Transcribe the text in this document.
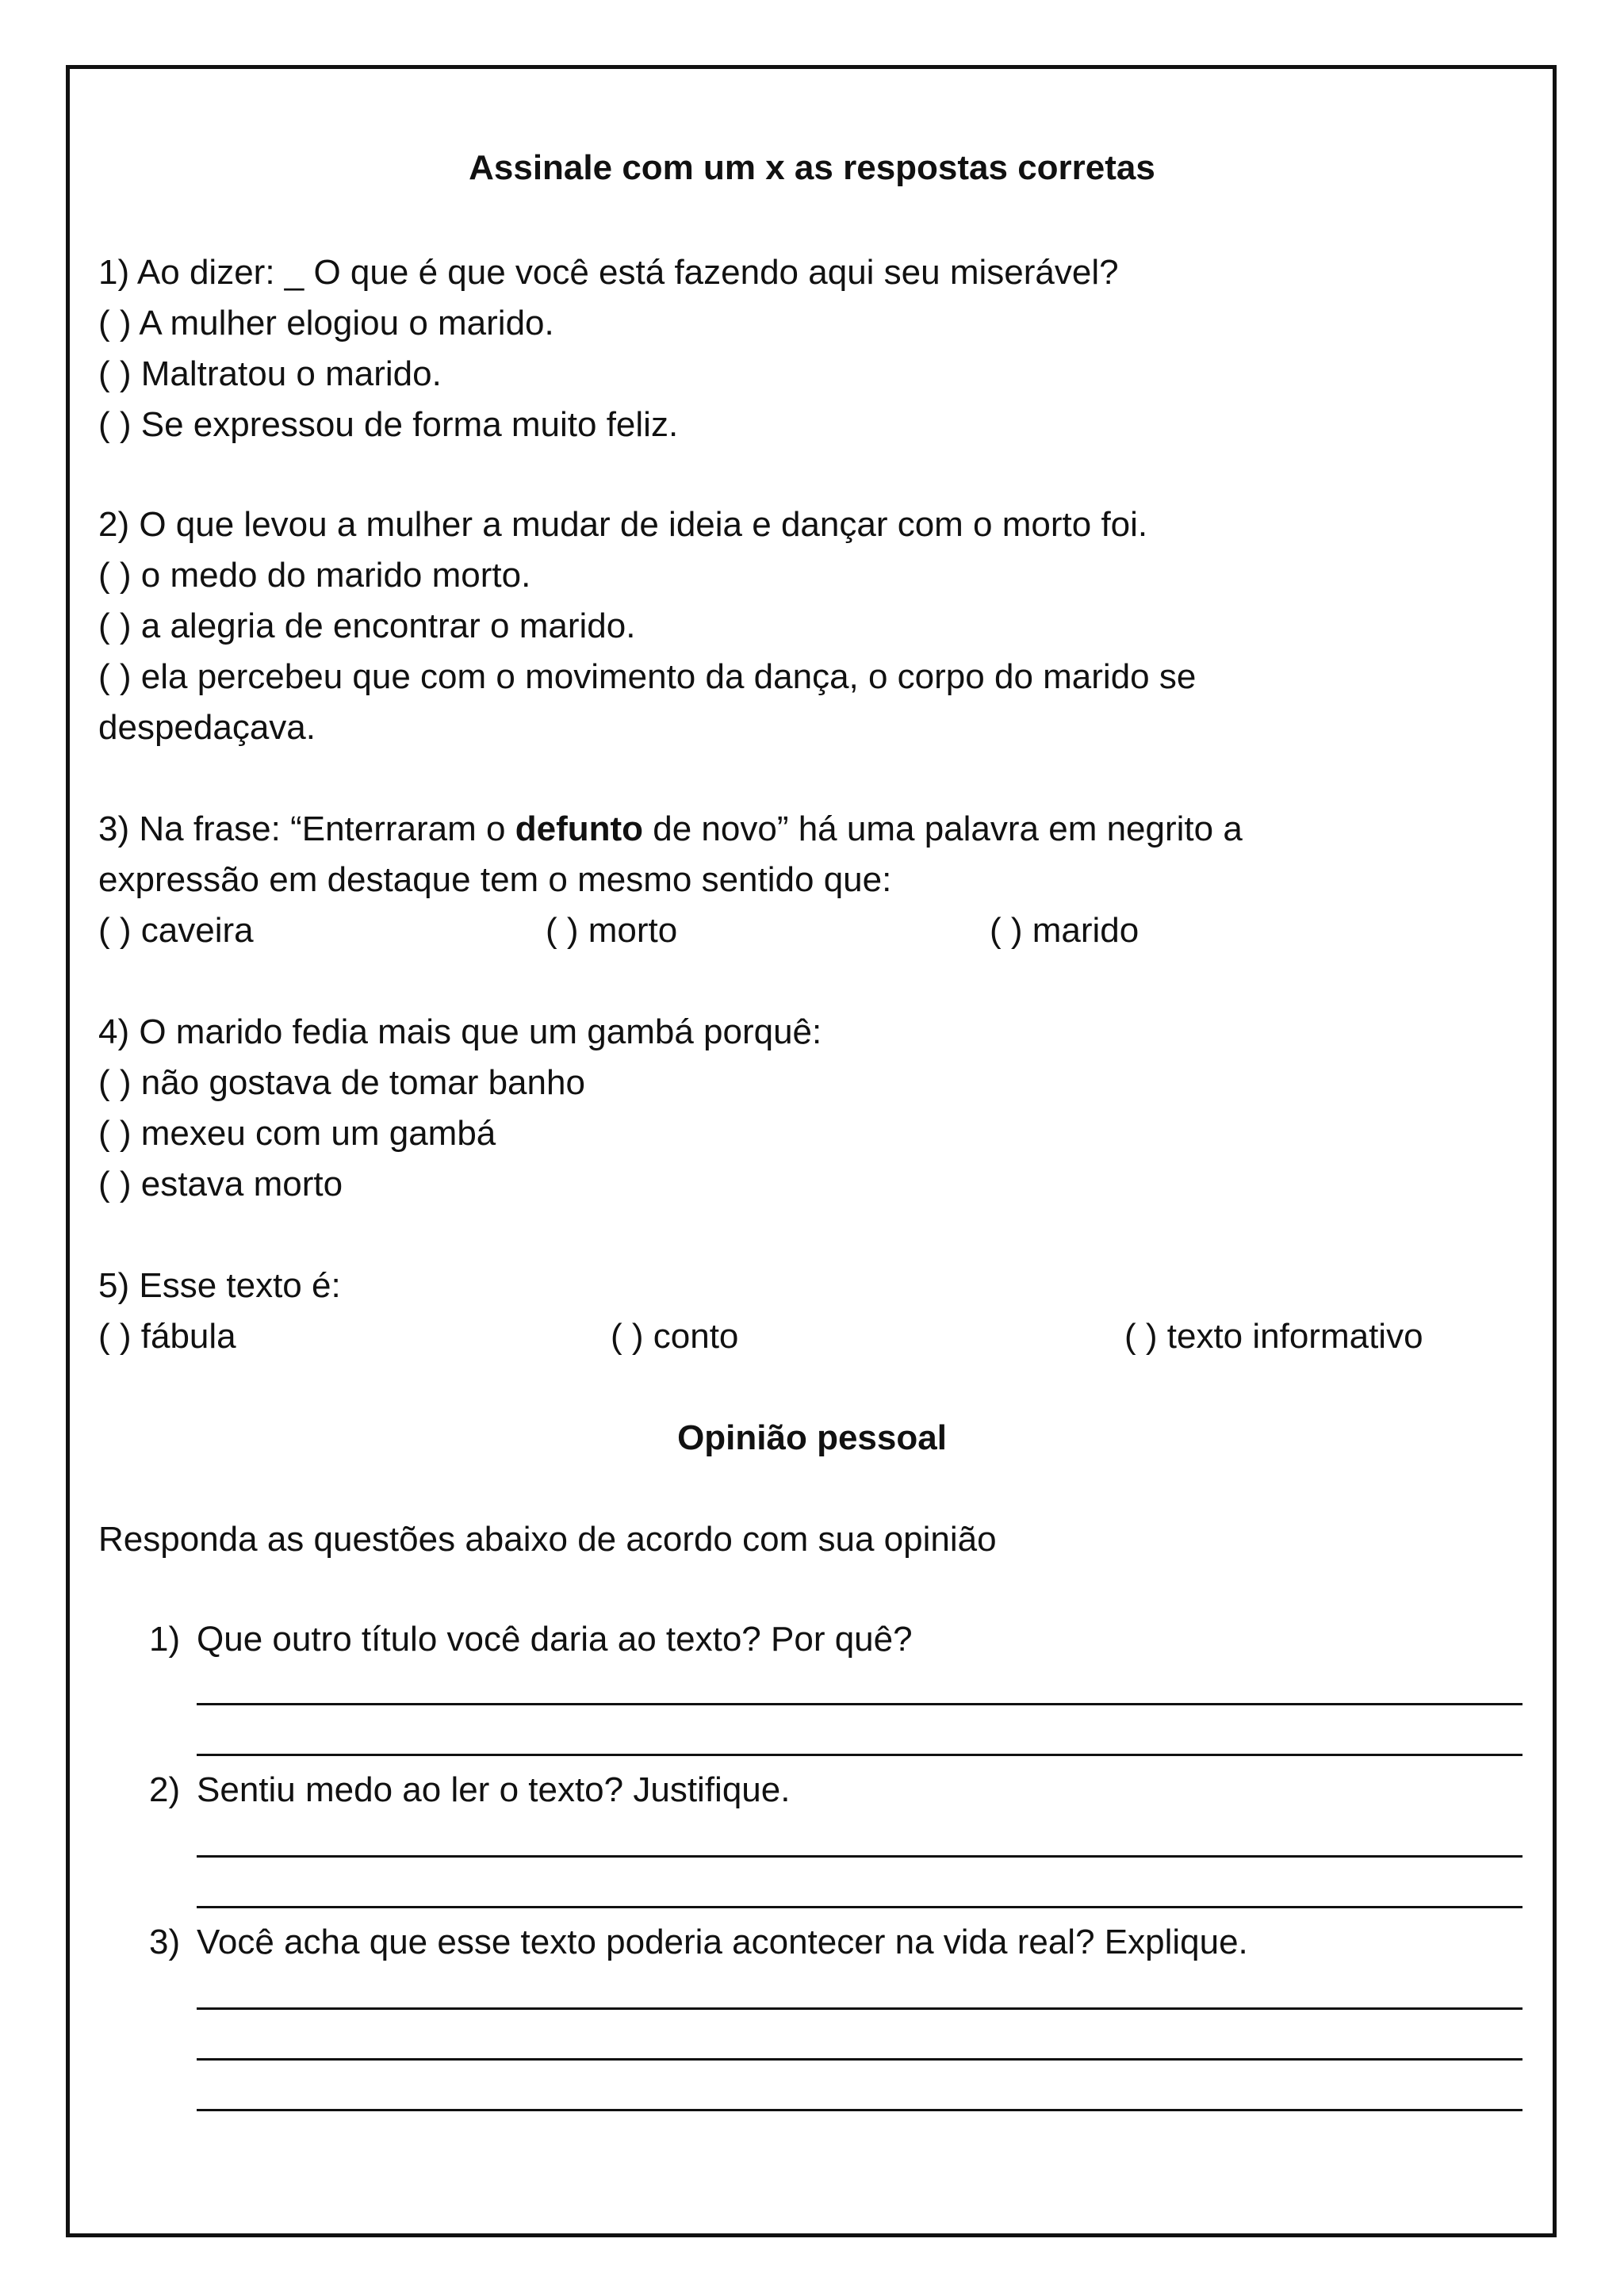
Assinale com um x as respostas corretas
1) Ao dizer: _ O que é que você está fazendo aqui seu miserável?
( ) A mulher elogiou o marido.
( ) Maltratou o marido.
( ) Se expressou de forma muito feliz.
2) O que levou a mulher a mudar de ideia e dançar com o morto foi.
( ) o medo do marido morto.
( ) a alegria de encontrar o marido.
( ) ela percebeu que com o movimento da dança, o corpo do marido se
despedaçava.
3) Na frase: “Enterraram o defunto de novo” há uma palavra em negrito a
expressão em destaque tem o mesmo sentido que:
( ) caveira	( ) morto	( ) marido
4) O marido fedia mais que um gambá porquê:
( ) não gostava de tomar banho
( ) mexeu com um gambá
( ) estava morto
5) Esse texto é:
( ) fábula	( ) conto	( ) texto informativo
Opinião pessoal
Responda as questões abaixo de acordo com sua opinião
1) Que outro título você daria ao texto? Por quê?
2) Sentiu medo ao ler o texto? Justifique.
3) Você acha que esse texto poderia acontecer na vida real? Explique.
